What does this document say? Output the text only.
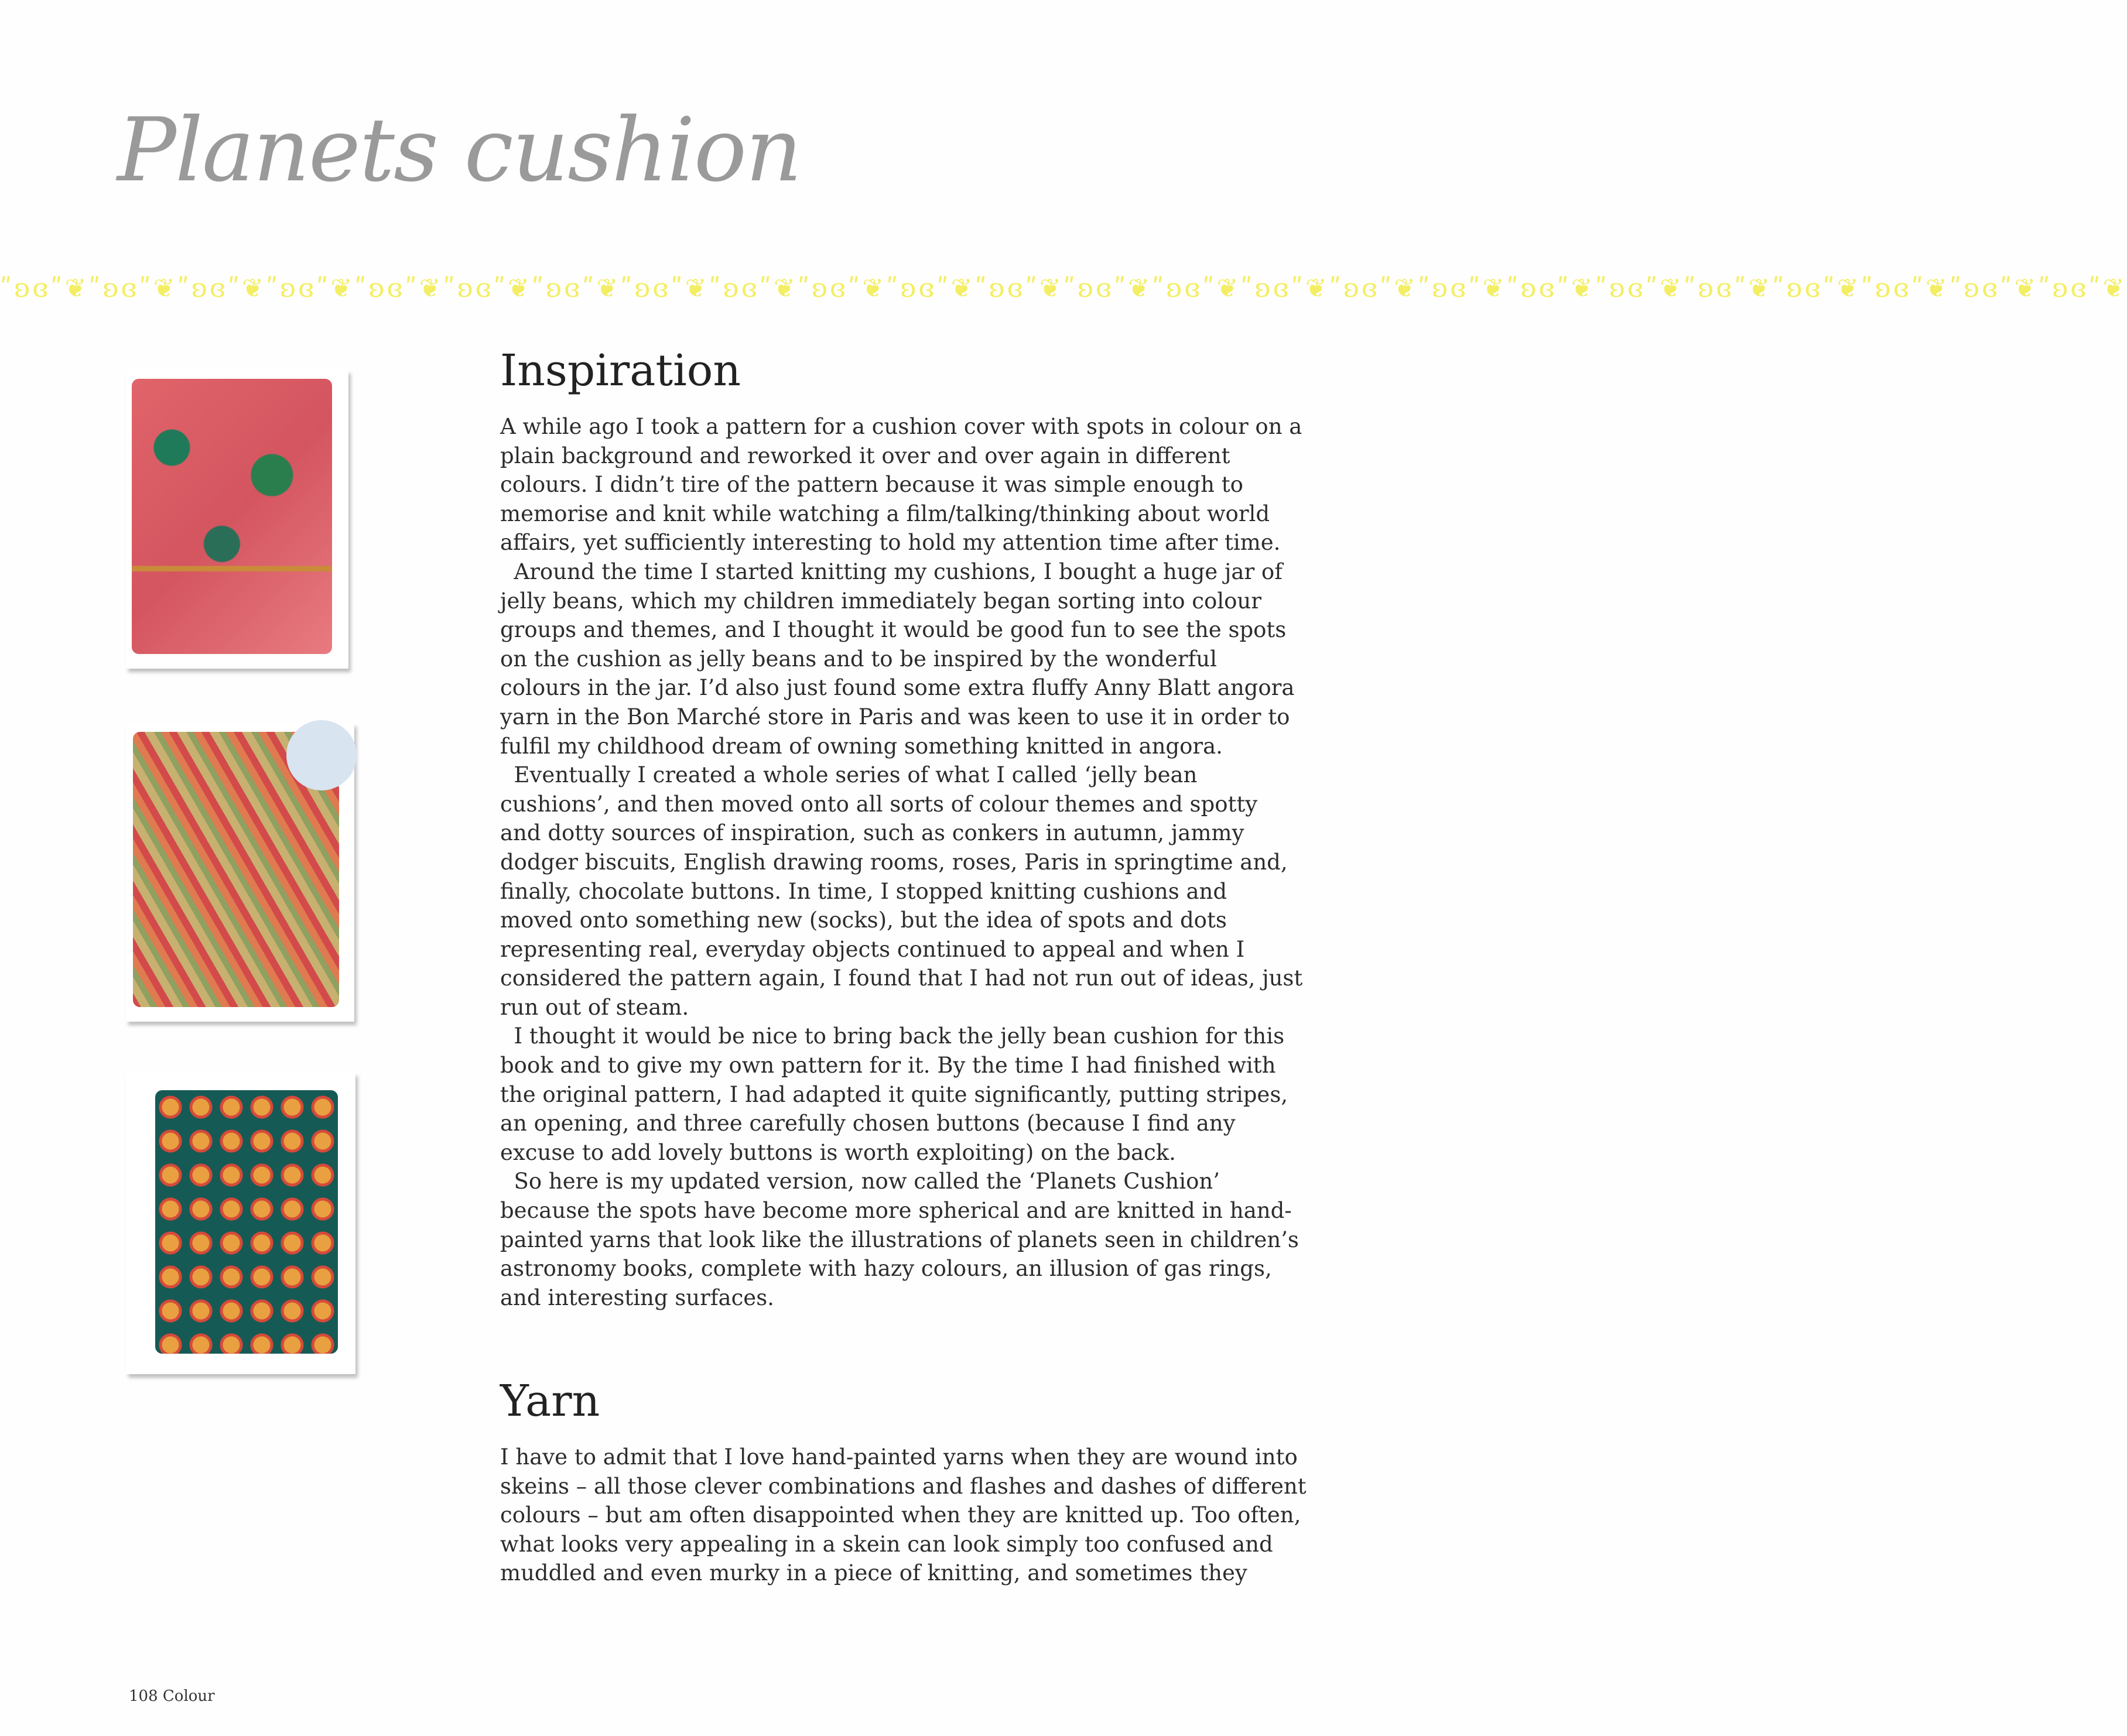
Planets cushion
ʺʚɞʺ❦ʺʚɞʺ❦ʺʚɞʺ❦ʺʚɞʺ❦ʺʚɞʺ❦ʺʚɞʺ❦ʺʚɞʺ❦ʺʚɞʺ❦ʺʚɞʺ❦ʺʚɞʺ❦ʺʚɞʺ❦ʺʚɞʺ❦ʺʚɞʺ❦ʺʚɞʺ❦ʺʚɞʺ❦ʺʚɞʺ❦ʺʚɞʺ❦ʺʚɞʺ❦ʺʚɞʺ❦ʺʚɞʺ❦ʺʚɞʺ❦ʺʚɞʺ❦ʺʚɞʺ❦ʺʚɞʺ❦
Inspiration
A while ago I took a pattern for a cushion cover with spots in colour on a
plain background and reworked it over and over again in different
colours. I didn’t tire of the pattern because it was simple enough to
memorise and knit while watching a film/talking/thinking about world
affairs, yet sufficiently interesting to hold my attention time after time.
Around the time I started knitting my cushions, I bought a huge jar of
jelly beans, which my children immediately began sorting into colour
groups and themes, and I thought it would be good fun to see the spots
on the cushion as jelly beans and to be inspired by the wonderful
colours in the jar. I’d also just found some extra fluffy Anny Blatt angora
yarn in the Bon Marché store in Paris and was keen to use it in order to
fulfil my childhood dream of owning something knitted in angora.
Eventually I created a whole series of what I called ‘jelly bean
cushions’, and then moved onto all sorts of colour themes and spotty
and dotty sources of inspiration, such as conkers in autumn, jammy
dodger biscuits, English drawing rooms, roses, Paris in springtime and,
finally, chocolate buttons. In time, I stopped knitting cushions and
moved onto something new (socks), but the idea of spots and dots
representing real, everyday objects continued to appeal and when I
considered the pattern again, I found that I had not run out of ideas, just
run out of steam.
I thought it would be nice to bring back the jelly bean cushion for this
book and to give my own pattern for it. By the time I had finished with
the original pattern, I had adapted it quite significantly, putting stripes,
an opening, and three carefully chosen buttons (because I find any
excuse to add lovely buttons is worth exploiting) on the back.
So here is my updated version, now called the ‘Planets Cushion’
because the spots have become more spherical and are knitted in hand-
painted yarns that look like the illustrations of planets seen in children’s
astronomy books, complete with hazy colours, an illusion of gas rings,
and interesting surfaces.
Yarn
I have to admit that I love hand-painted yarns when they are wound into
skeins – all those clever combinations and flashes and dashes of different
colours – but am often disappointed when they are knitted up. Too often,
what looks very appealing in a skein can look simply too confused and
muddled and even murky in a piece of knitting, and sometimes they
108 Colour
